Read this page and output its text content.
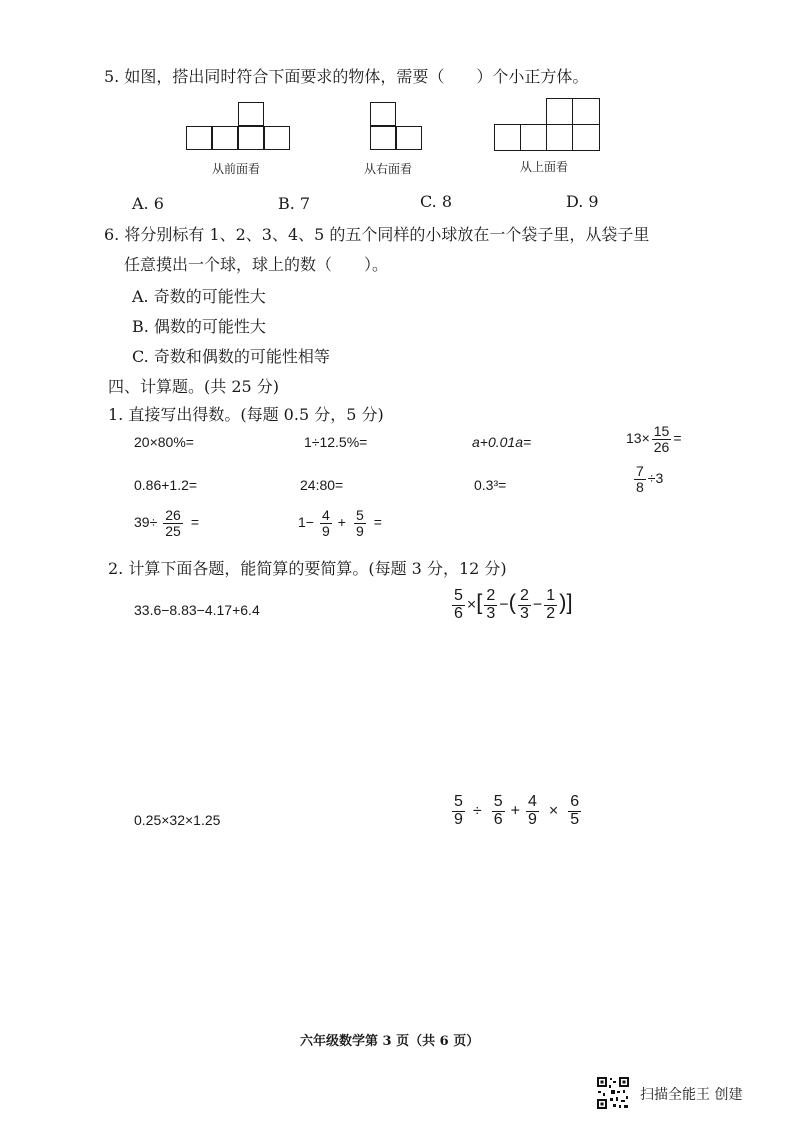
5. 如图，搭出同时符合下面要求的物体，需要（　　）个小正方体。
从前面看	从右面看	从上面看
A. 6	B. 7	C. 8	D. 9
6. 将分别标有 1、2、3、4、5 的五个同样的小球放在一个袋子里，从袋子里
任意摸出一个球，球上的数（　　）。
A. 奇数的可能性大
B. 偶数的可能性大
C. 奇数和偶数的可能性相等
四、计算题。(共 25 分)
1. 直接写出得数。(每题 0.5 分，5 分)
20×80%=	1÷12.5%=	a+0.01a=	$13\times \frac{15}{26}$ =
0.86+1.2=	24:80=	0.3³=	$\frac{7}{8} \div 3$
$39\div \frac{26}{25}$ =	$1- \frac{4}{9} + \frac{5}{9}$ =
2. 计算下面各题，能简算的要简算。(每题 3 分，12 分)
33.6−8.83−4.17+6.4	$\frac{5}{6}$ ×[ $\frac{2}{3}$ −( $\frac{2}{3} - \frac{1}{2}$ )]
0.25×32×1.25	$\frac{5}{9} \div \frac{5}{6} + \frac{4}{9} \times \frac{6}{5}$
六年级数学第 3 页（共 6 页）
扫描全能王 创建
